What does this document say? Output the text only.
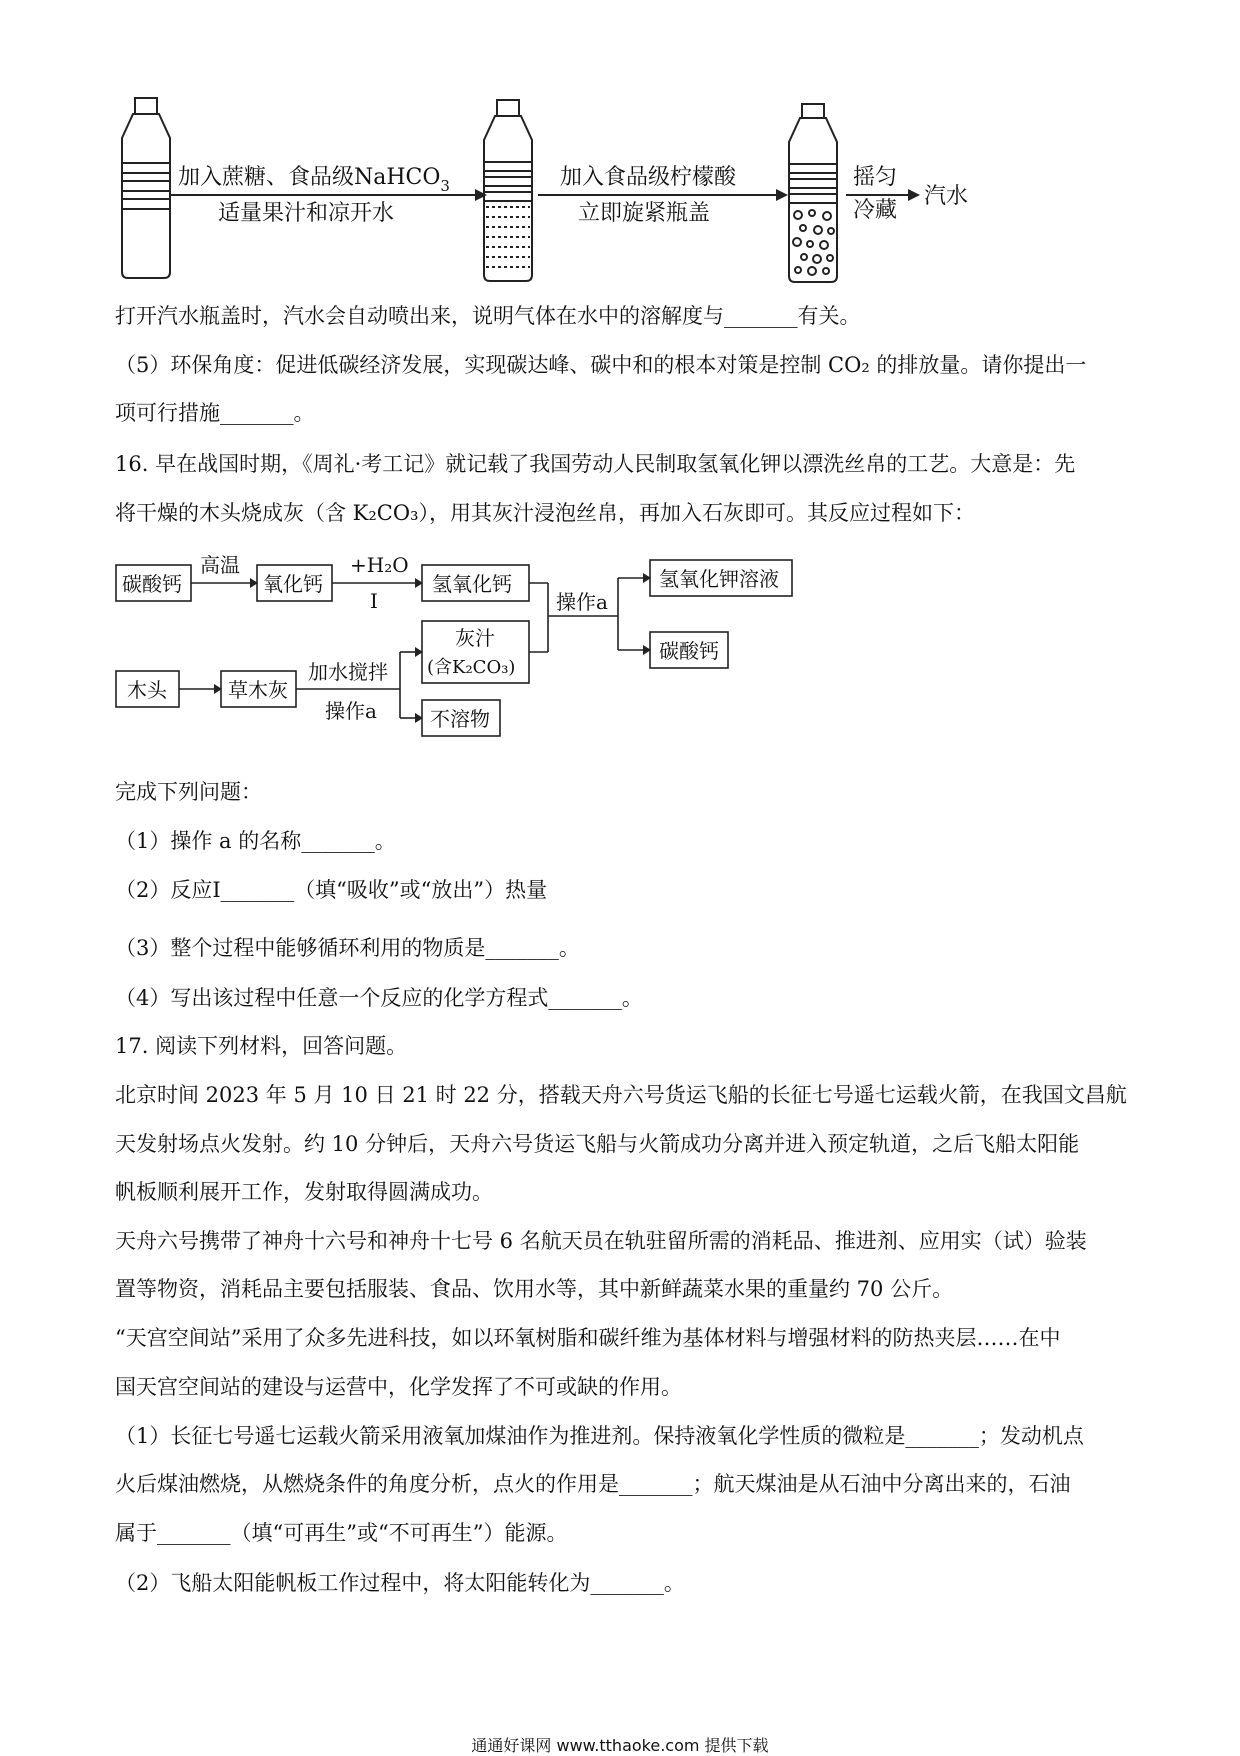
加入蔗糖、食品级NaHCO$_3$
适量果汁和凉开水
加入食品级柠檬酸
立即旋紧瓶盖
摇匀
冷藏
汽水
打开汽水瓶盖时，汽水会自动喷出来，说明气体在水中的溶解度与_______有关。
（5）环保角度：促进低碳经济发展，实现碳达峰、碳中和的根本对策是控制 CO₂ 的排放量。请你提出一
项可行措施_______。
16. 早在战国时期，《周礼·考工记》就记载了我国劳动人民制取氢氧化钾以漂洗丝帛的工艺。大意是：先
将干燥的木头烧成灰（含 K₂CO₃），用其灰汁浸泡丝帛，再加入石灰即可。其反应过程如下：
碳酸钙
高温
氧化钙
+H₂O
I
氢氧化钙
操作a
氢氧化钾溶液
碳酸钙
木头	草木灰
加水搅拌
操作a
灰汁
(含K₂CO₃)
不溶物
完成下列问题：
（1）操作 a 的名称_______。
（2）反应Ⅰ_______（填“吸收”或“放出”）热量
（3）整个过程中能够循环利用的物质是_______。
（4）写出该过程中任意一个反应的化学方程式_______。
17. 阅读下列材料，回答问题。
北京时间 2023 年 5 月 10 日 21 时 22 分，搭载天舟六号货运飞船的长征七号遥七运载火箭，在我国文昌航
天发射场点火发射。约 10 分钟后，天舟六号货运飞船与火箭成功分离并进入预定轨道，之后飞船太阳能
帆板顺利展开工作，发射取得圆满成功。
天舟六号携带了神舟十六号和神舟十七号 6 名航天员在轨驻留所需的消耗品、推进剂、应用实（试）验装
置等物资，消耗品主要包括服装、食品、饮用水等，其中新鲜蔬菜水果的重量约 70 公斤。
“天宫空间站”采用了众多先进科技，如以环氧树脂和碳纤维为基体材料与增强材料的防热夹层……在中
国天宫空间站的建设与运营中，化学发挥了不可或缺的作用。
（1）长征七号遥七运载火箭采用液氧加煤油作为推进剂。保持液氧化学性质的微粒是_______；发动机点
火后煤油燃烧，从燃烧条件的角度分析，点火的作用是_______；航天煤油是从石油中分离出来的，石油
属于_______（填“可再生”或“不可再生”）能源。
（2）飞船太阳能帆板工作过程中，将太阳能转化为_______。
通通好课网 www.tthaoke.com 提供下载
